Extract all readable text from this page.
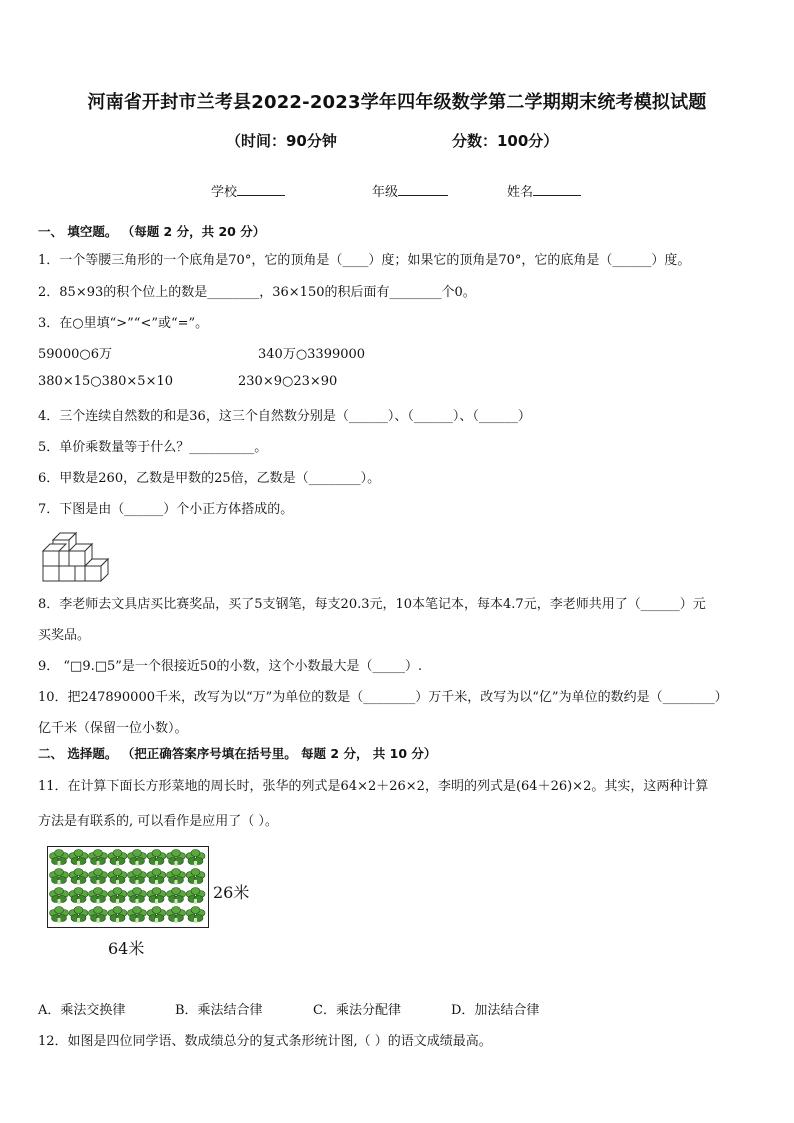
河南省开封市兰考县2022-2023学年四年级数学第二学期期末统考模拟试题
（时间：90分钟	分数：100分）
学校	年级	姓名
一、 填空题。 （每题 2 分，共 20 分）
1．一个等腰三角形的一个底角是70°，它的顶角是（____）度；如果它的顶角是70°，它的底角是（______）度。
2．85×93的积个位上的数是________，36×150的积后面有________个0。
3．在○里填“>”“<”或“=”。
59000○6万	340万○3399000
380×15○380×5×10	230×9○23×90
4．三个连续自然数的和是36，这三个自然数分别是（______）、（______）、（______）
5．单价乘数量等于什么？__________。
6．甲数是260，乙数是甲数的25倍，乙数是（________）。
7．下图是由（______）个小正方体搭成的。
8．李老师去文具店买比赛奖品，买了5支钢笔，每支20.3元，10本笔记本，每本4.7元，李老师共用了（______）元
买奖品。
9． “□9.□5”是一个很接近50的小数，这个小数最大是（_____）.
10．把247890000千米，改写为以“万”为单位的数是（________）万千米，改写为以“亿”为单位的数约是（________）
亿千米（保留一位小数）。
二、 选择题。 （把正确答案序号填在括号里。 每题 2 分， 共 10 分）
11．在计算下面长方形菜地的周长时，张华的列式是64×2＋26×2，李明的列式是(64＋26)×2。其实，这两种计算
方法是有联系的, 可以看作是应用了（ ）。
26米
64米
A．乘法交换律	B．乘法结合律	C．乘法分配律	D．加法结合律
12．如图是四位同学语、数成绩总分的复式条形统计图,（ ）的语文成绩最高。
